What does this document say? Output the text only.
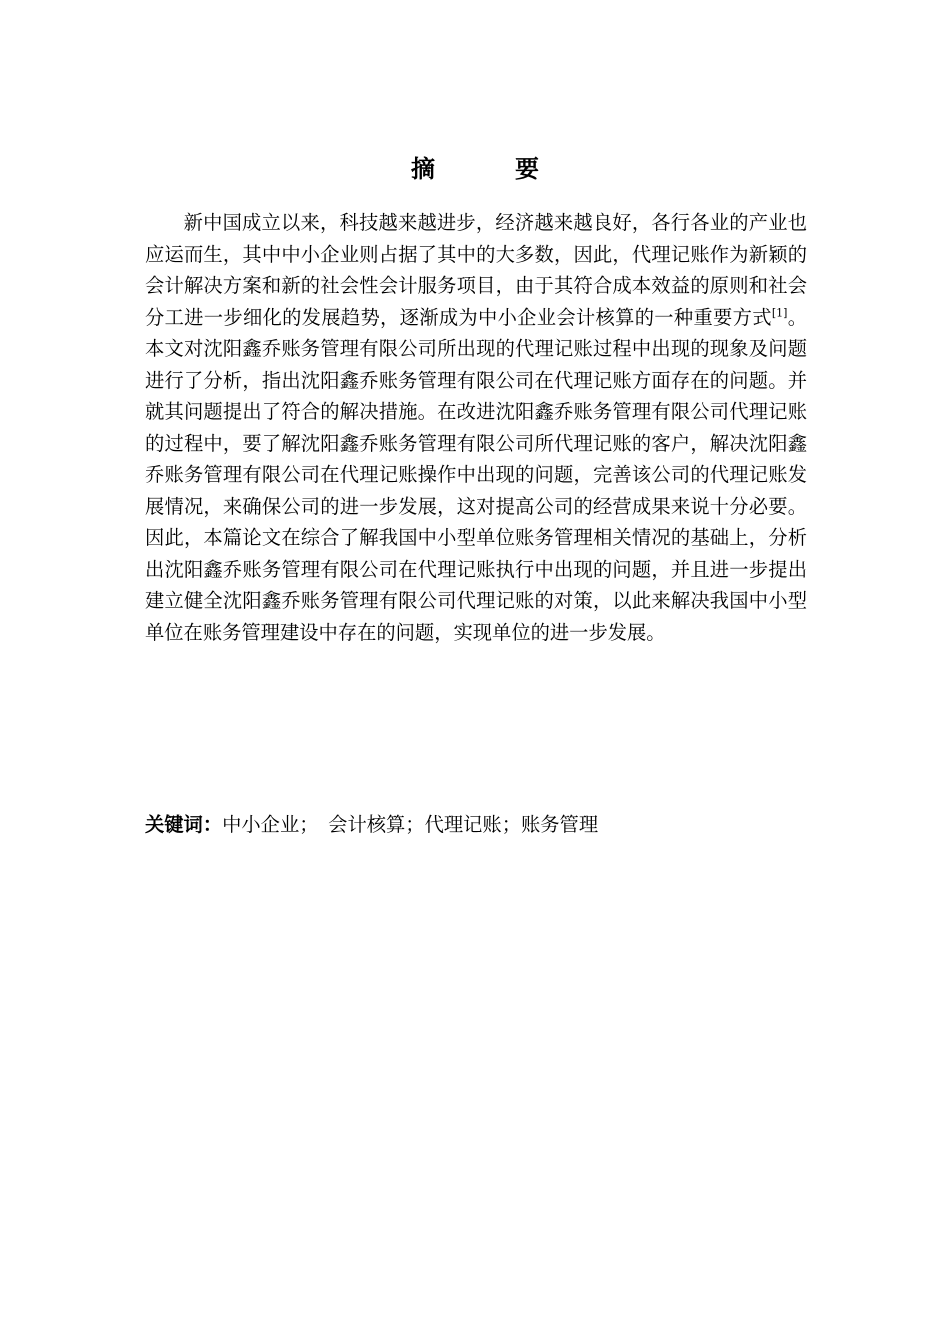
摘　要

新中国成立以来，科技越来越进步，经济越来越良好，各行各业的产业也应运而生，其中中小企业则占据了其中的大多数，因此，代理记账作为新颖的会计解决方案和新的社会性会计服务项目，由于其符合成本效益的原则和社会分工进一步细化的发展趋势，逐渐成为中小企业会计核算的一种重要方式[1]。本文对沈阳鑫乔账务管理有限公司所出现的代理记账过程中出现的现象及问题进行了分析，指出沈阳鑫乔账务管理有限公司在代理记账方面存在的问题。并就其问题提出了符合的解决措施。在改进沈阳鑫乔账务管理有限公司代理记账的过程中，要了解沈阳鑫乔账务管理有限公司所代理记账的客户，解决沈阳鑫乔账务管理有限公司在代理记账操作中出现的问题，完善该公司的代理记账发展情况，来确保公司的进一步发展，这对提高公司的经营成果来说十分必要。因此，本篇论文在综合了解我国中小型单位账务管理相关情况的基础上，分析出沈阳鑫乔账务管理有限公司在代理记账执行中出现的问题，并且进一步提出建立健全沈阳鑫乔账务管理有限公司代理记账的对策，以此来解决我国中小型单位在账务管理建设中存在的问题，实现单位的进一步发展。

关键词：中小企业；　会计核算；代理记账；账务管理
